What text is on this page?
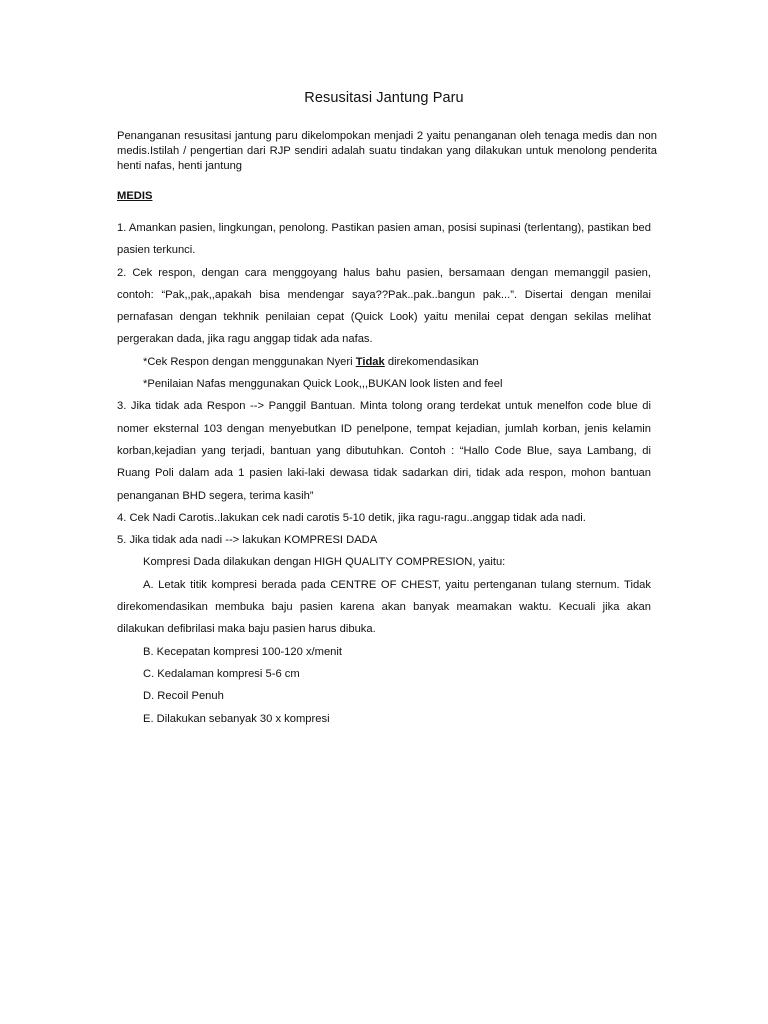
Resusitasi Jantung Paru
Penanganan resusitasi jantung paru dikelompokan menjadi 2 yaitu penanganan oleh tenaga medis dan non medis.Istilah / pengertian dari RJP sendiri adalah suatu tindakan yang dilakukan untuk menolong penderita henti nafas, henti jantung
MEDIS

1. Amankan pasien, lingkungan, penolong. Pastikan pasien aman, posisi supinasi (terlentang), pastikan bed pasien terkunci.

2. Cek respon, dengan cara menggoyang halus bahu pasien, bersamaan dengan memanggil pasien, contoh: “Pak,,pak,,apakah bisa mendengar saya??Pak..pak..bangun pak...”. Disertai dengan menilai pernafasan dengan tekhnik penilaian cepat (Quick Look) yaitu menilai cepat dengan sekilas melihat pergerakan dada, jika ragu anggap tidak ada nafas.

*Cek Respon dengan menggunakan Nyeri Tidak direkomendasikan

*Penilaian Nafas menggunakan Quick Look,,,BUKAN look listen and feel

3. Jika tidak ada Respon --> Panggil Bantuan. Minta tolong orang terdekat untuk menelfon code blue di nomer eksternal 103 dengan menyebutkan ID penelpone, tempat kejadian, jumlah korban, jenis kelamin korban,kejadian yang terjadi, bantuan yang dibutuhkan. Contoh : “Hallo Code Blue, saya Lambang, di Ruang Poli dalam ada 1 pasien laki-laki dewasa tidak sadarkan diri, tidak ada respon, mohon bantuan penanganan BHD segera, terima kasih”

4. Cek Nadi Carotis..lakukan cek nadi carotis 5-10 detik, jika ragu-ragu..anggap tidak ada nadi.

5. Jika tidak ada nadi --> lakukan KOMPRESI DADA

Kompresi Dada dilakukan dengan HIGH QUALITY COMPRESION, yaitu:

A. Letak titik kompresi berada pada CENTRE OF CHEST, yaitu pertenganan tulang sternum. Tidak direkomendasikan membuka baju pasien karena akan banyak meamakan waktu. Kecuali jika akan dilakukan defibrilasi maka baju pasien harus dibuka.

B. Kecepatan kompresi 100-120 x/menit

C. Kedalaman kompresi 5-6 cm

D. Recoil Penuh

E. Dilakukan sebanyak 30 x kompresi
